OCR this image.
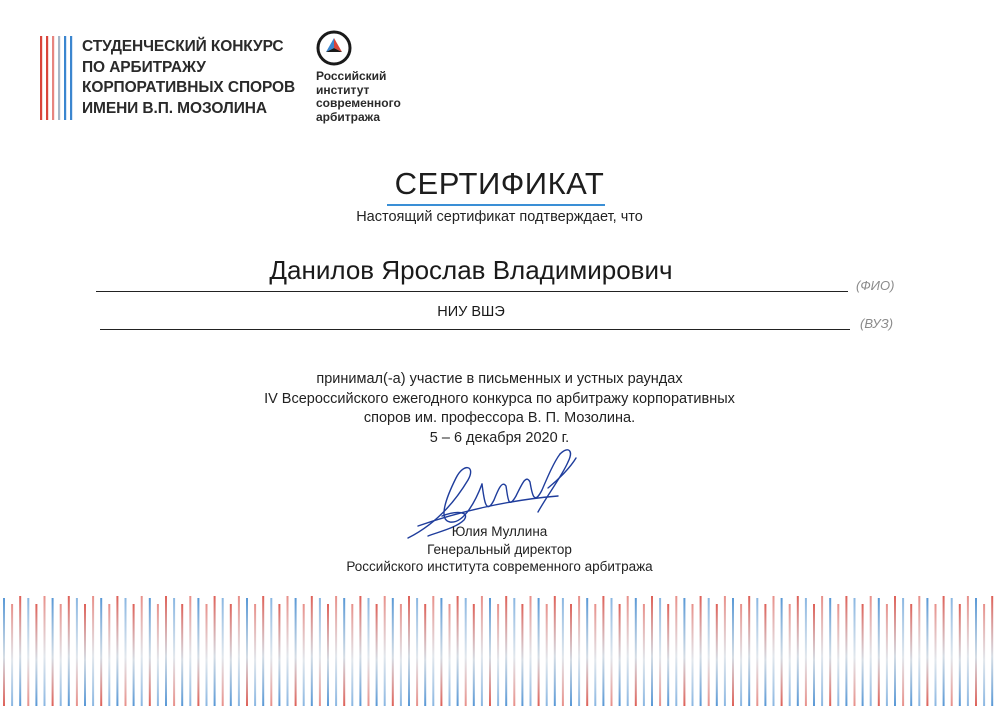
СТУДЕНЧЕСКИЙ КОНКУРС
ПО АРБИТРАЖУ
КОРПОРАТИВНЫХ СПОРОВ
ИМЕНИ В.П. МОЗОЛИНА

Российский
институт
современного
арбитража

СЕРТИФИКАТ
Настоящий сертификат подтверждает, что
Данилов Ярослав Владимирович
(ФИО)
НИУ ВШЭ
(ВУЗ)
принимал(-а) участие в письменных и устных раундах
IV Всероссийского ежегодного конкурса по арбитражу корпоративных
споров им. профессора В. П. Мозолина.
5 – 6 декабря 2020 г.
Юлия Муллина
Генеральный директор
Российского института современного арбитража
